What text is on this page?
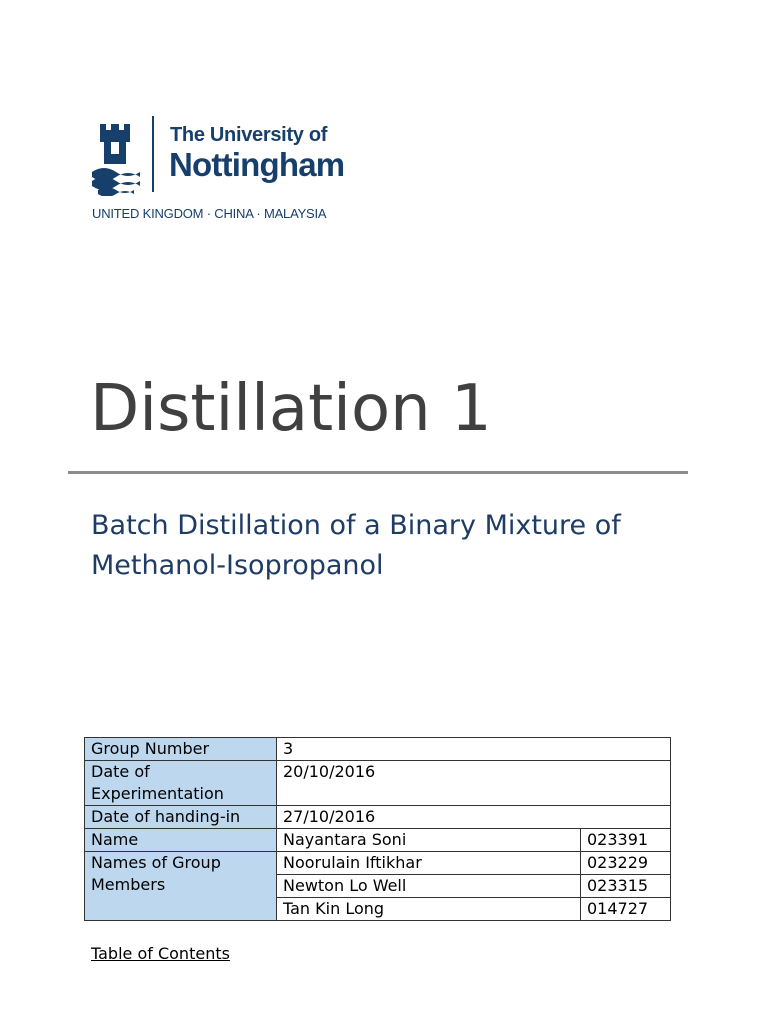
The University of
Nottingham
UNITED KINGDOM · CHINA · MALAYSIA
Distillation 1
Batch Distillation of a Binary Mixture of Methanol-Isopropanol
Group Number	3	
Date of Experimentation	20/10/2016	
Date of handing-in	27/10/2016	
Name	Nayantara Soni	023391
Names of Group Members	Noorulain Iftikhar	023229
	Newton Lo Well	023315
	Tan Kin Long	014727
Table of Contents
